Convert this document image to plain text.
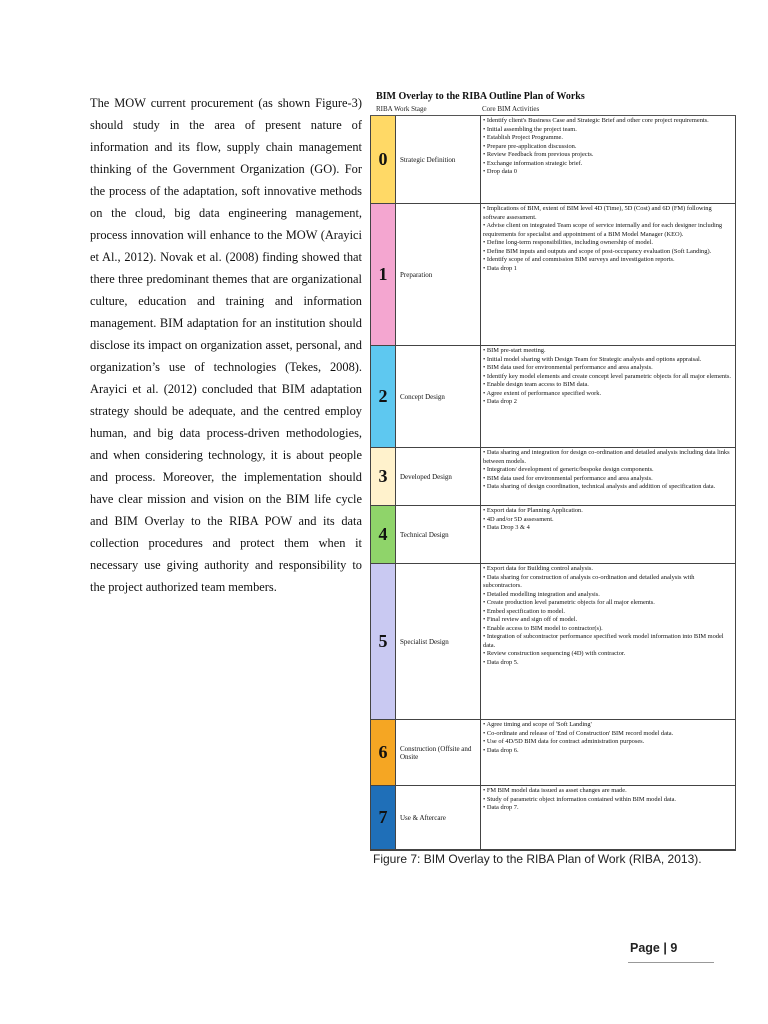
The MOW current procurement (as shown Figure-3) should study in the area of present nature of information and its flow, supply chain management thinking of the Government Organization (GO). For the process of the adaptation, soft innovative methods on the cloud, big data engineering management, process innovation will enhance to the MOW (Arayici et Al., 2012). Novak et al. (2008) finding showed that there three predominant themes that are organizational culture, education and training and information management. BIM adaptation for an institution should disclose its impact on organization asset, personal, and organization’s use of technologies (Tekes, 2008). Arayici et al. (2012) concluded that BIM adaptation strategy should be adequate, and the centred employ human, and big data process-driven methodologies, and when considering technology, it is about people and process. Moreover, the implementation should have clear mission and vision on the BIM life cycle and BIM Overlay to the RIBA POW and its data collection procedures and protect them when it necessary use giving authority and responsibility to the project authorized team members.

BIM Overlay to the RIBA Outline Plan of Works
RIBA Work Stage	Core BIM Activities
0	Strategic Definition
• Identify client's Business Case and Strategic Brief and other core project requirements.
• Initial assembling the project team.
• Establish Project Programme.
• Prepare pre-application discussion.
• Review Feedback from previous projects.
• Exchange information strategic brief.
• Drop data 0
1	Preparation
• Implications of BIM, extent of BIM level 4D (Time), 5D (Cost) and 6D (FM) following software assessment.
• Advise client on integrated Team scope of service internally and for each designer including requirements for specialist and appointment of a BIM Model Manager (KEO).
• Define long-term responsibilities, including ownership of model.
• Define BIM inputs and outputs and scope of post-occupancy evaluation (Soft Landing).
• Identify scope of and commission BIM surveys and investigation reports.
• Data drop 1
2	Concept Design
• BIM pre-start meeting.
• Initial model sharing with Design Team for Strategic analysis and options appraisal.
• BIM data used for environmental performance and area analysis.
• Identify key model elements and create concept level parametric objects for all major elements.
• Enable design team access to BIM data.
• Agree extent of performance specified work.
• Data drop 2
3	Developed Design
• Data sharing and integration for design co-ordination and detailed analysis including data links between models.
• Integration/ development of generic/bespoke design components.
• BIM data used for environmental performance and area analysis.
• Data sharing of design coordination, technical analysis and addition of specification data.
4	Technical Design
• Export data for Planning Application.
• 4D and/or 5D assessment.
• Data Drop 3 & 4
5	Specialist Design
• Export data for Building control analysis.
• Data sharing for construction of analysis co-ordination and detailed analysis with subcontractors.
• Detailed modelling integration and analysis.
• Create production level parametric objects for all major elements.
• Embed specification to model.
• Final review and sign off of model.
• Enable access to BIM model to contractor(s).
• Integration of subcontractor performance specified work model information into BIM model data.
• Review construction sequencing (4D) with contractor.
• Data drop 5.
6	Construction (Offsite and Onsite
• Agree timing and scope of 'Soft Landing'
• Co-ordinate and release of 'End of Construction' BIM record model data.
• Use of 4D/5D BIM data for contract administration purposes.
• Data drop 6.
7	Use & Aftercare
• FM BIM model data issued as asset changes are made.
• Study of parametric object information contained within BIM model data.
• Data drop 7.
Figure 7: BIM Overlay to the RIBA Plan of Work (RIBA, 2013).
Page | 9
